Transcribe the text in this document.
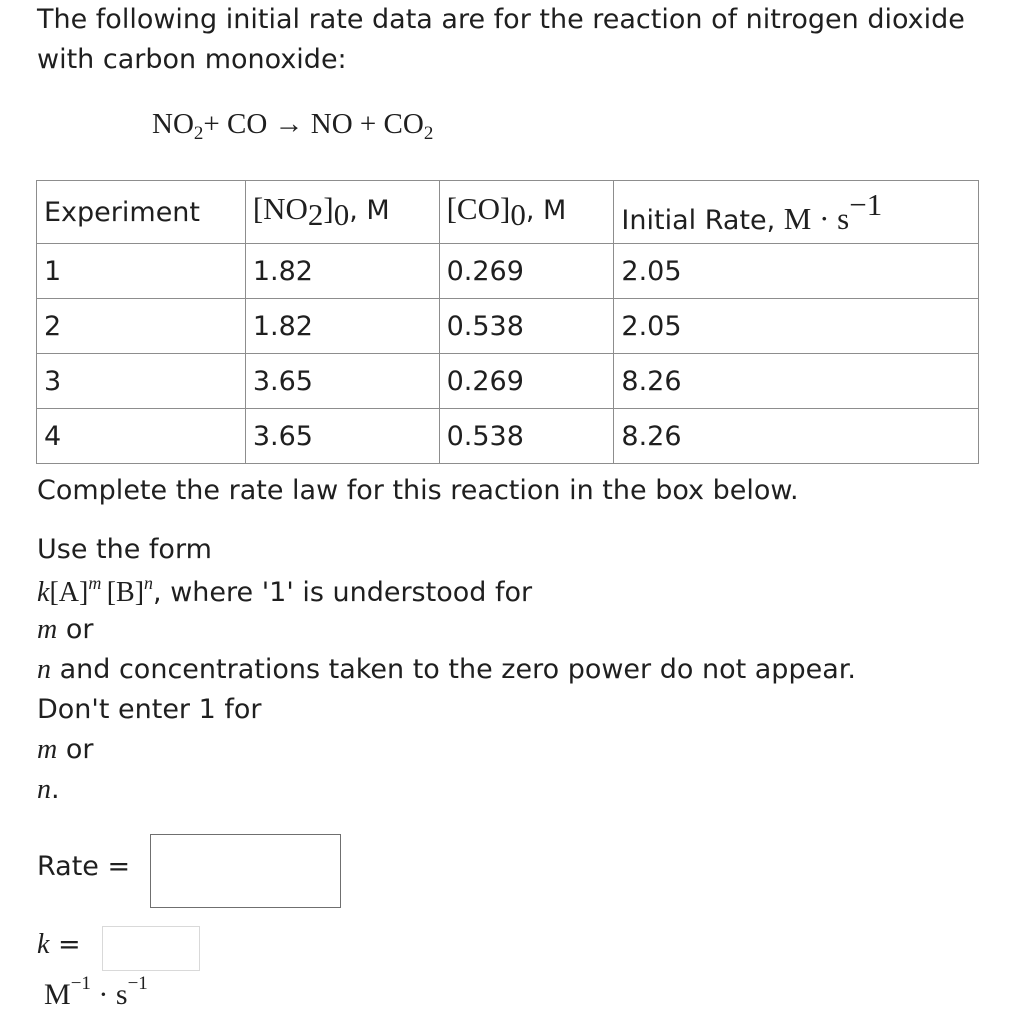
The following initial rate data are for the reaction of nitrogen dioxide with carbon monoxide:
$NO_2+$ CO → NO + $CO_2$
Experiment	$[NO_2]_0$, M	$[CO]_0$, M	Initial Rate, $M \cdot s^{-1}$
1	1.82	0.269	2.05
2	1.82	0.538	2.05
3	3.65	0.269	8.26
4	3.65	0.538	8.26
Complete the rate law for this reaction in the box below.
Use the form
$k[A]^m$  $[B]^n$, where '1' is understood for
m or
n and concentrations taken to the zero power do not appear.
Don't enter 1 for
m or
n.
Rate =
k =
$M^{-1} \cdot s^{-1}$
